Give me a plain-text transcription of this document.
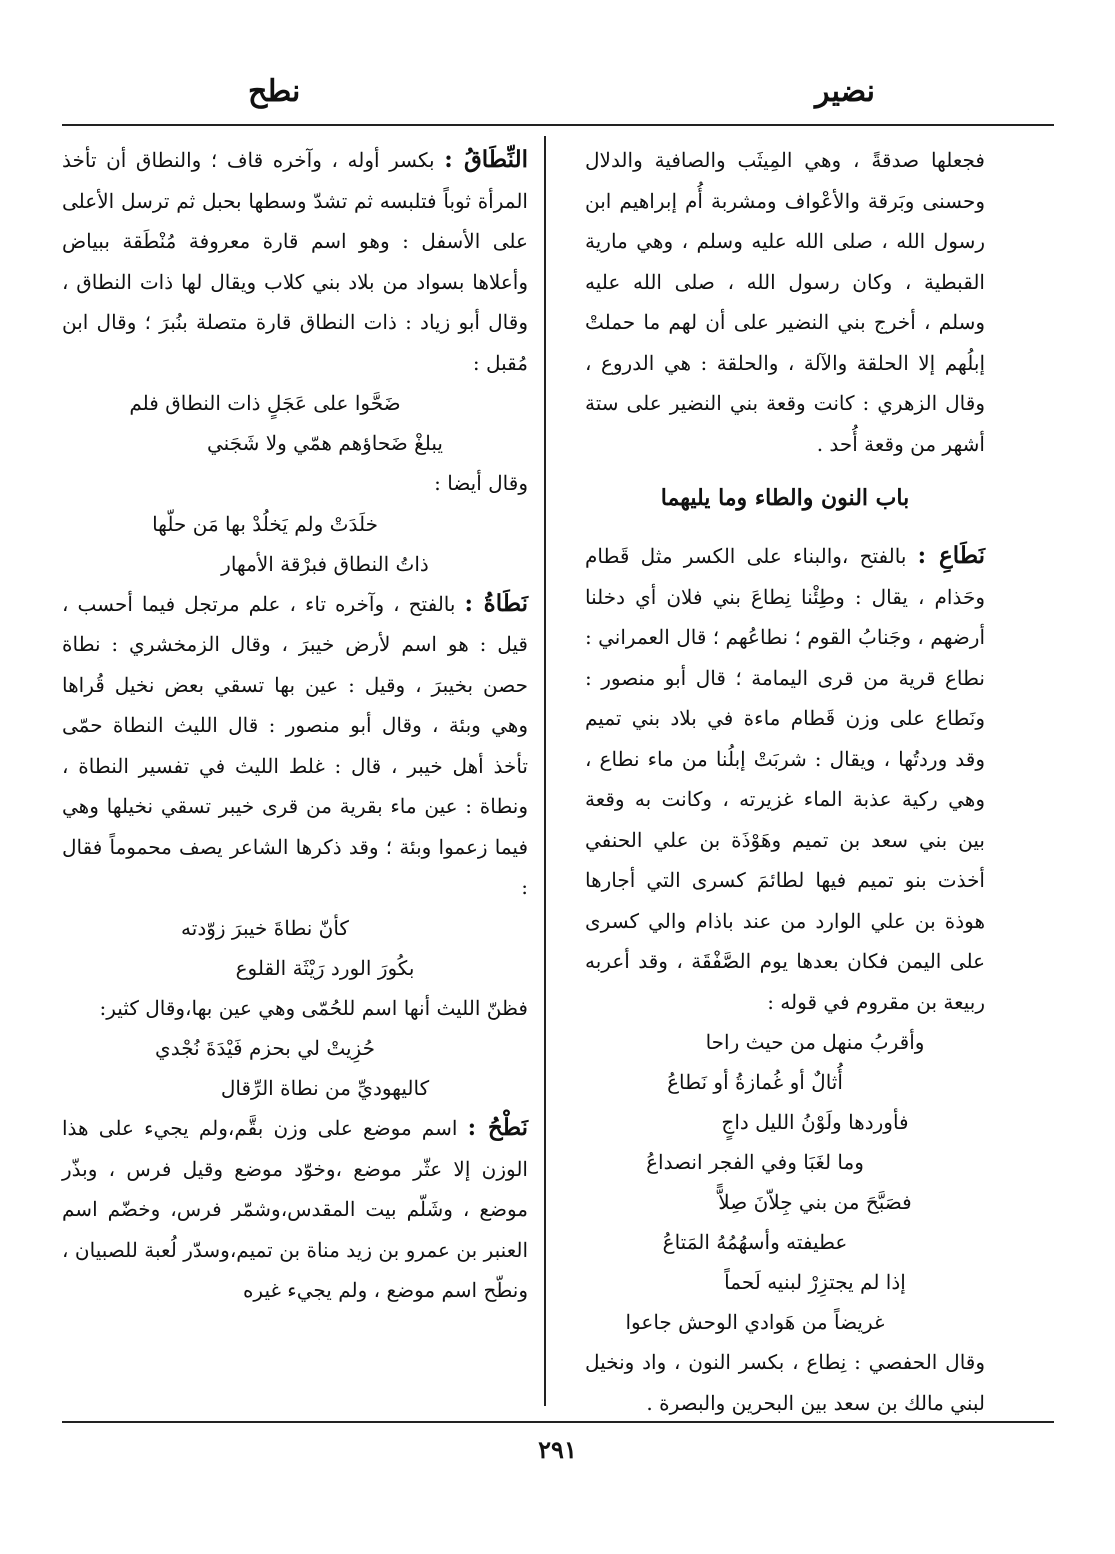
نضير
نطح

فجعلها صدقةً ، وهي المِيثَب والصافية والدلال وحسنى وبَرقة والأعْواف ومشربة أُم إبراهيم ابن رسول الله ، صلى الله عليه وسلم ، وهي مارية القبطية ، وكان رسول الله ، صلى الله عليه وسلم ، أخرج بني النضير على أن لهم ما حملتْ إبلُهم إلا الحلقة والآلة ، والحلقة : هي الدروع ، وقال الزهري : كانت وقعة بني النضير على ستة أشهر من وقعة أُحد .

باب النون والطاء وما يليهما

نَطَاعِ : بالفتح ،والبناء على الكسر مثل قَطام وحَذام ، يقال : وطِئْنا نِطاعَ بني فلان أي دخلنا أرضهم ، وجَنابُ القوم ؛ نطاعُهم ؛ قال العمراني : نطاع قرية من قرى اليمامة ؛ قال أبو منصور : ونَطاع على وزن قَطام ماءة في بلاد بني تميم وقد وردتُها ، ويقال : شربَتْ إبلُنا من ماء نطاع ، وهي ركية عذبة الماء غزيرته ، وكانت به وقعة بين بني سعد بن تميم وهَوْذَة بن علي الحنفي أخذت بنو تميم فيها لطائمَ كسرى التي أجارها هوذة بن علي الوارد من عند باذام والي كسرى على اليمن فكان بعدها يوم الصَّفْقَة ، وقد أعربه ربيعة بن مقروم في قوله :

وأقربُ منهل من حيث راحا

أُثالٌ أو غُمازةُ أو نَطاعُ

فأوردها ولَوْنُ الليل داجٍ

وما لغَبَا وفي الفجر انصداعُ

فصَبَّحَ من بني جِلاّنَ صِلاًّ

عطيفته وأسهُمُهُ المَتاعُ

إذا لم يجتزِرْ لبنيه لَحماً

غريضاً من هَوادي الوحش جاعوا

وقال الحفصي : نِطاع ، بكسر النون ، واد ونخيل لبني مالك بن سعد بين البحرين والبصرة .

النِّطَاقُ : بكسر أوله ، وآخره قاف ؛ والنطاق أن تأخذ المرأة ثوباً فتلبسه ثم تشدّ وسطها بحبل ثم ترسل الأعلى على الأسفل : وهو اسم قارة معروفة مُنْطَقة ببياض وأعلاها بسواد من بلاد بني كلاب ويقال لها ذات النطاق ، وقال أبو زياد : ذات النطاق قارة متصلة بنُبرَ ؛ وقال ابن مُقبل :

ضَحَّوا على عَجَلٍ ذات النطاق فلم

يبلغْ ضَحاؤهم همّي ولا شَجَني

وقال أيضا :

خلَدَتْ ولم يَخلُدْ بها مَن حلّها

ذاتُ النطاق فبرْقة الأمهار

نَطَاةُ : بالفتح ، وآخره تاء ، علم مرتجل فيما أحسب ، قيل : هو اسم لأرض خيبرَ ، وقال الزمخشري : نطاة حصن بخيبرَ ، وقيل : عين بها تسقي بعض نخيل قُراها وهي وبئة ، وقال أبو منصور : قال الليث النطاة حمّى تأخذ أهل خيبر ، قال : غلط الليث في تفسير النطاة ، ونطاة : عين ماء بقرية من قرى خيبر تسقي نخيلها وهي فيما زعموا وبئة ؛ وقد ذكرها الشاعر يصف محموماً فقال :

كأنّ نطاةَ خيبرَ زوّدته

بكُورَ الورد رَيْثَة القلوع

فظنّ الليث أنها اسم للحُمّى وهي عين بها،وقال كثير:

حُزِيتْ لي بحزم فَيْدَةَ نُجْدي

كاليهوديِّ من نطاة الرِّقال

نَطْحُ : اسم موضع على وزن بقَّم،ولم يجيء على هذا الوزن إلا عثّر موضع ،وخوّد موضع وقيل فرس ، وبذّر موضع ، وشَلّم بيت المقدس،وشمّر فرس، وخضّم اسم العنبر بن عمرو بن زيد مناة بن تميم،وسدّر لُعبة للصبيان ، ونطّح اسم موضع ، ولم يجيء غيره

٢٩١
